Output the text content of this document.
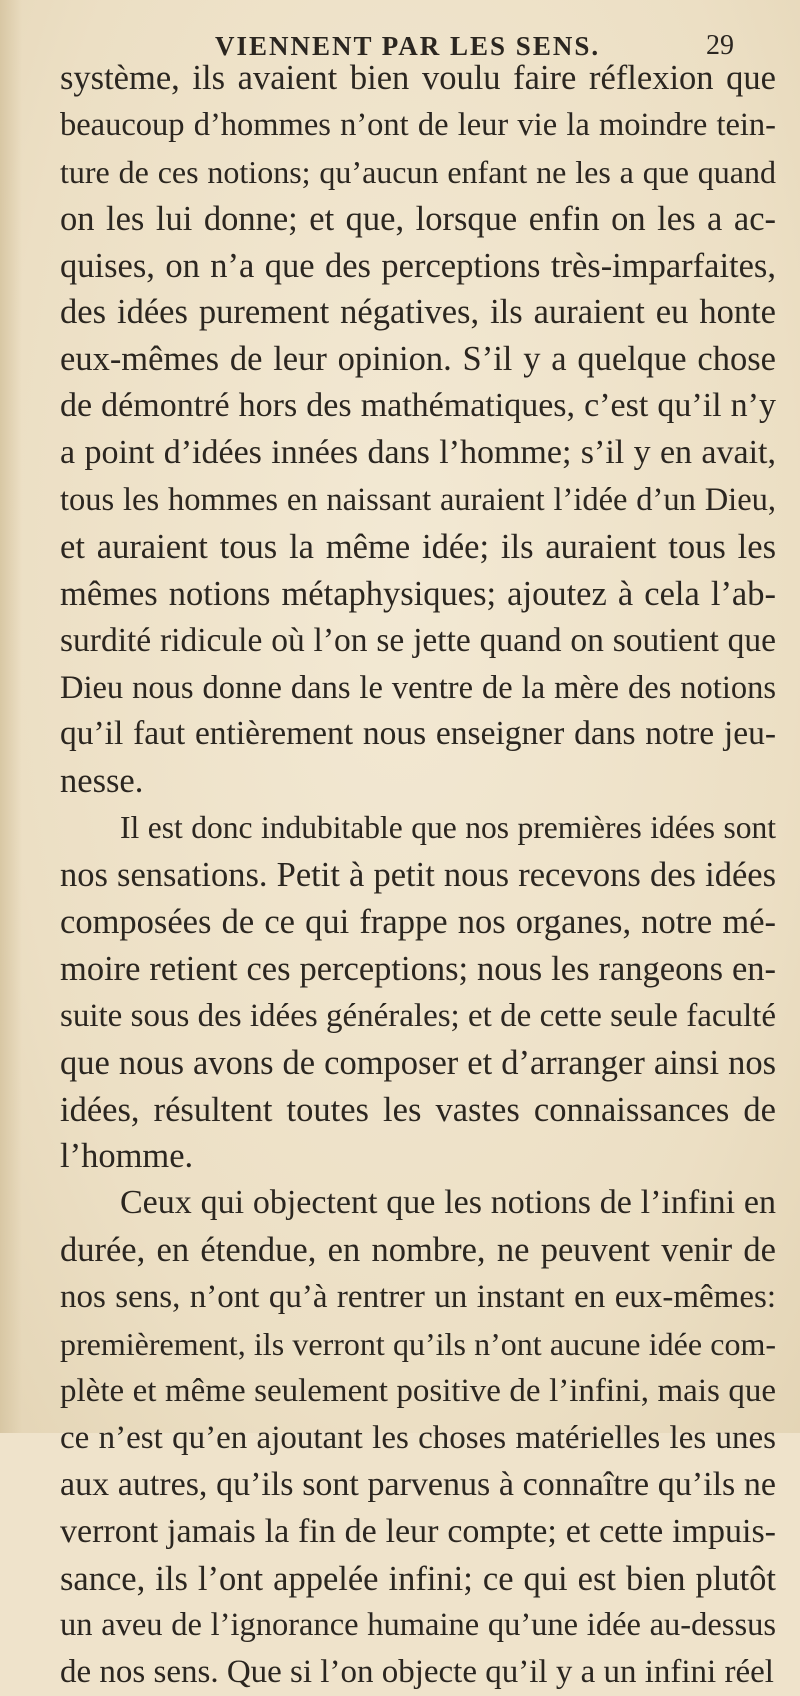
VIENNENT PAR LES SENS.	29
système, ils avaient bien voulu faire réflexion que
beaucoup d’hommes n’ont de leur vie la moindre tein-
ture de ces notions; qu’aucun enfant ne les a que quand
on les lui donne; et que, lorsque enfin on les a ac-
quises, on n’a que des perceptions très-imparfaites,
des idées purement négatives, ils auraient eu honte
eux-mêmes de leur opinion. S’il y a quelque chose
de démontré hors des mathématiques, c’est qu’il n’y
a point d’idées innées dans l’homme; s’il y en avait,
tous les hommes en naissant auraient l’idée d’un Dieu,
et auraient tous la même idée; ils auraient tous les
mêmes notions métaphysiques; ajoutez à cela l’ab-
surdité ridicule où l’on se jette quand on soutient que
Dieu nous donne dans le ventre de la mère des notions
qu’il faut entièrement nous enseigner dans notre jeu-
nesse.
Il est donc indubitable que nos premières idées sont
nos sensations. Petit à petit nous recevons des idées
composées de ce qui frappe nos organes, notre mé-
moire retient ces perceptions; nous les rangeons en-
suite sous des idées générales; et de cette seule faculté
que nous avons de composer et d’arranger ainsi nos
idées, résultent toutes les vastes connaissances de
l’homme.
Ceux qui objectent que les notions de l’infini en
durée, en étendue, en nombre, ne peuvent venir de
nos sens, n’ont qu’à rentrer un instant en eux-mêmes:
premièrement, ils verront qu’ils n’ont aucune idée com-
plète et même seulement positive de l’infini, mais que
ce n’est qu’en ajoutant les choses matérielles les unes
aux autres, qu’ils sont parvenus à connaître qu’ils ne
verront jamais la fin de leur compte; et cette impuis-
sance, ils l’ont appelée infini; ce qui est bien plutôt
un aveu de l’ignorance humaine qu’une idée au-dessus
de nos sens. Que si l’on objecte qu’il y a un infini réel
